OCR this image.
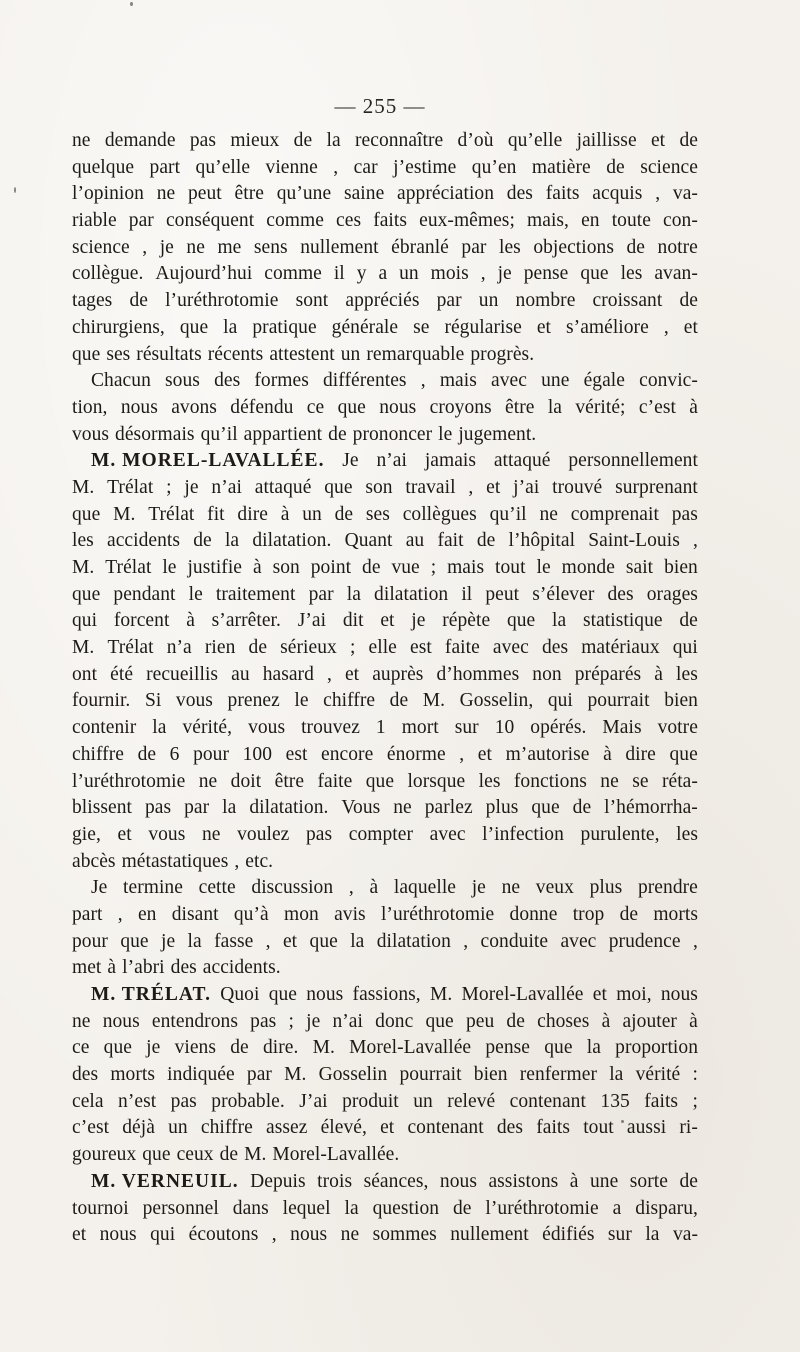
— 255 —
ne demande pas mieux de la reconnaître d’où qu’elle jaillisse et de
quelque part qu’elle vienne , car j’estime qu’en matière de science
l’opinion ne peut être qu’une saine appréciation des faits acquis , va-
riable par conséquent comme ces faits eux-mêmes; mais, en toute con-
science , je ne me sens nullement ébranlé par les objections de notre
collègue. Aujourd’hui comme il y a un mois , je pense que les avan-
tages de l’uréthrotomie sont appréciés par un nombre croissant de
chirurgiens, que la pratique générale se régularise et s’améliore , et
que ses résultats récents attestent un remarquable progrès.
Chacun sous des formes différentes , mais avec une égale convic-
tion, nous avons défendu ce que nous croyons être la vérité; c’est à
vous désormais qu’il appartient de prononcer le jugement.
M. MOREL-LAVALLÉE. Je n’ai jamais attaqué personnellement
M. Trélat ; je n’ai attaqué que son travail , et j’ai trouvé surprenant
que M. Trélat fit dire à un de ses collègues qu’il ne comprenait pas
les accidents de la dilatation. Quant au fait de l’hôpital Saint-Louis ,
M. Trélat le justifie à son point de vue ; mais tout le monde sait bien
que pendant le traitement par la dilatation il peut s’élever des orages
qui forcent à s’arrêter. J’ai dit et je répète que la statistique de
M. Trélat n’a rien de sérieux ; elle est faite avec des matériaux qui
ont été recueillis au hasard , et auprès d’hommes non préparés à les
fournir. Si vous prenez le chiffre de M. Gosselin, qui pourrait bien
contenir la vérité, vous trouvez 1 mort sur 10 opérés. Mais votre
chiffre de 6 pour 100 est encore énorme , et m’autorise à dire que
l’uréthrotomie ne doit être faite que lorsque les fonctions ne se réta-
blissent pas par la dilatation. Vous ne parlez plus que de l’hémorrha-
gie, et vous ne voulez pas compter avec l’infection purulente, les
abcès métastatiques , etc.
Je termine cette discussion , à laquelle je ne veux plus prendre
part , en disant qu’à mon avis l’uréthrotomie donne trop de morts
pour que je la fasse , et que la dilatation , conduite avec prudence ,
met à l’abri des accidents.
M. TRÉLAT. Quoi que nous fassions, M. Morel-Lavallée et moi, nous
ne nous entendrons pas ; je n’ai donc que peu de choses à ajouter à
ce que je viens de dire. M. Morel-Lavallée pense que la proportion
des morts indiquée par M. Gosselin pourrait bien renfermer la vérité :
cela n’est pas probable. J’ai produit un relevé contenant 135 faits ;
c’est déjà un chiffre assez élevé, et contenant des faits tout aussi ri-
goureux que ceux de M. Morel-Lavallée.
M. VERNEUIL. Depuis trois séances, nous assistons à une sorte de
tournoi personnel dans lequel la question de l’uréthrotomie a disparu,
et nous qui écoutons , nous ne sommes nullement édifiés sur la va-
